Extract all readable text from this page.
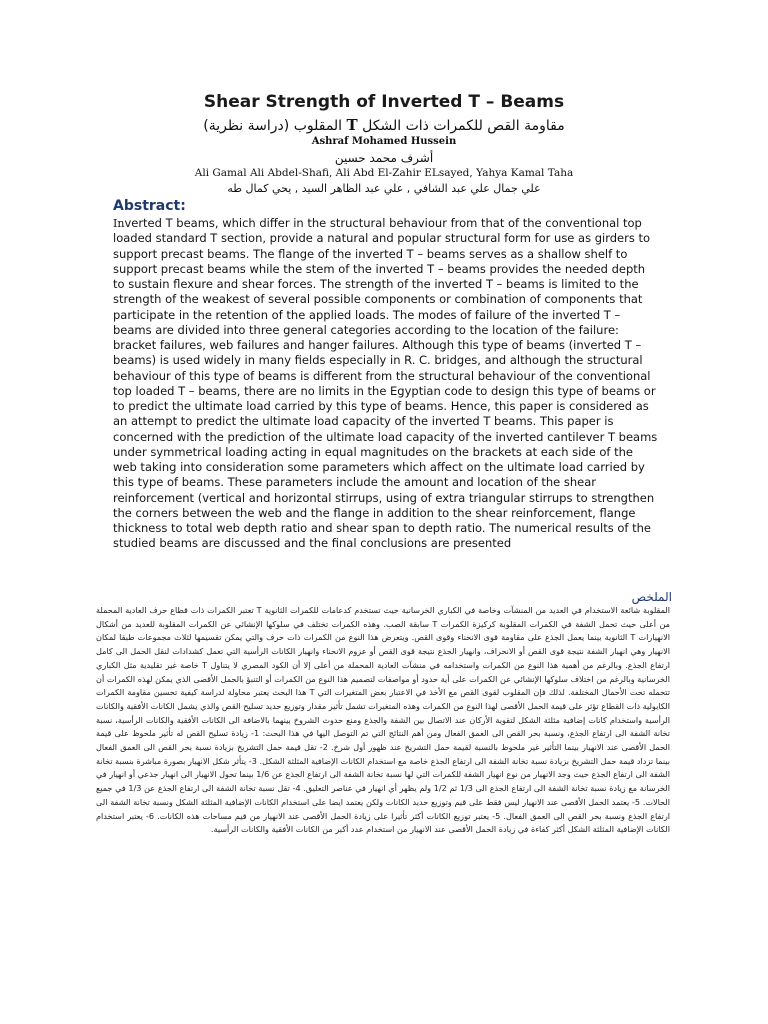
Shear Strength of Inverted T – Beams
مقاومة القص للكمرات ذات الشكل T المقلوب (دراسة نظرية)
Ashraf Mohamed Hussein
أشرف محمد حسين
Ali Gamal Ali Abdel-Shafi, Ali Abd El-Zahir ELsayed, Yahya Kamal Taha
علي جمال علي عبد الشافي , علي عبد الظاهر السيد , يحي كمال طه
Abstract:
Inverted T beams, which differ in the structural behaviour from that of the conventional top loaded standard T section, provide a natural and popular structural form for use as girders to support precast beams. The flange of the inverted T – beams serves as a shallow shelf to support precast beams while the stem of the inverted T – beams provides the needed depth to sustain flexure and shear forces. The strength of the inverted T – beams is limited to the strength of the weakest of several possible components or combination of components that participate in the retention of the applied loads. The modes of failure of the inverted T – beams are divided into three general categories according to the location of the failure: bracket failures, web failures and hanger failures. Although this type of beams (inverted T – beams) is used widely in many fields especially in R. C. bridges, and although the structural behaviour of this type of beams is different from the structural behaviour of the conventional top loaded T – beams, there are no limits in the Egyptian code to design this type of beams or to predict the ultimate load carried by this type of beams. Hence, this paper is considered as an attempt to predict the ultimate load capacity of the inverted T beams. This paper is concerned with the prediction of the ultimate load capacity of the inverted cantilever T beams under symmetrical loading acting in equal magnitudes on the brackets at each side of the web taking into consideration some parameters which affect on the ultimate load carried by this type of beams. These parameters include the amount and location of the shear reinforcement (vertical and horizontal stirrups, using of extra triangular stirrups to strengthen the corners between the web and the flange in addition to the shear reinforcement, flange thickness to total web depth ratio and shear span to depth ratio. The numerical results of the studied beams are discussed and the final conclusions are presented
الملخص
المقلوبة شائعة الاستخدام في العديد من المنشآت وخاصة في الكباري الخرسانية حيث تستخدم كدعامات للكمرات الثانوية T تعتبر الكمرات ذات قطاع حرف العادية المحملة من أعلى حيث تحمل الشفة في الكمرات المقلوبة كركيزة الكمرات T سابقة الصب. وهذه الكمرات تختلف في سلوكها الإنشائي عن الكمرات المقلوبة للعديد من أشكال الانهيارات T الثانوية بينما يعمل الجذع على مقاومة قوى الانحناء وقوى القص. ويتعرض هذا النوع من الكمرات ذات حرف والتي يمكن تقسيمها لثلاث مجموعات طبقا لمكان الانهيار وهي انهيار الشفة نتيجة قوى القص أو الانحراف، وانهيار الجذع نتيجة قوى القص أو عزوم الانحناء وانهيار الكانات الرأسية التي تعمل كشدادات لنقل الحمل الى كامل ارتفاع الجذع. وبالرغم من أهمية هذا النوع من الكمرات واستخدامه في منشآت العادية المحملة من أعلى إلا أن الكود المصري لا يتناول T خاصة غير تقليدية مثل الكباري الخرسانية وبالرغم من اختلاف سلوكها الإنشائي عن الكمرات على أية حدود أو مواصفات لتصميم هذا النوع من الكمرات أو التنبؤ بالحمل الأقصى الذي يمكن لهذه الكمرات أن تتحمله تحت الأحمال المختلفة. لذلك فإن المقلوب لقوى القص مع الأخذ في الاعتبار بعض المتغيرات التي T هذا البحث يعتبر محاولة لدراسة كيفية تحسين مقاومة الكمرات الكابولية ذات القطاع تؤثر على قيمة الحمل الأقصى لهذا النوع من الكمرات وهذه المتغيرات تشمل تأثير مقدار وتوزيع حديد تسليح القص والذي يشمل الكانات الأفقية والكانات الرأسية واستخدام كانات إضافية مثلثة الشكل لتقوية الأركان عند الاتصال بين الشفة والجذع ومنع حدوث الشروخ بينهما بالاضافة الى الكانات الأفقية والكانات الرأسية، نسبة تخانة الشفة الى ارتفاع الجذع، ونسبة بحر القص الى العمق الفعال ومن أهم النتائج التي تم التوصل اليها في هذا البحث: 1- زيادة تسليح القص له تأثير ملحوظ على قيمة الحمل الأقصى عند الانهيار بينما التأثير غير ملحوظ بالنسبة لقيمة حمل التشريخ عند ظهور أول شرخ. 2- تقل قيمة حمل التشريخ بزيادة نسبة بحر القص الى العمق الفعال بينما تزداد قيمة حمل التشريخ بزيادة نسبة تخانة الشفة الى ارتفاع الجذع خاصة مع استخدام الكانات الإضافية المثلثة الشكل. 3- يتأثر شكل الانهيار بصورة مباشرة بنسبة تخانة الشفة الى ارتفاع الجذع حيث وجد الانهيار من نوع انهيار الشفة للكمرات التي لها نسبة تخانة الشفة الى ارتفاع الجذع عن 1/6 بينما تحول الانهيار الى انهيار جذعي أو انهيار في الخرسانة مع زيادة نسبة تخانة الشفة الى ارتفاع الجذع الى 1/3 ثم 1/2 ولم يظهر أي انهيار في عناصر التعليق. 4- تقل نسبة تخانة الشفة الى ارتفاع الجذع عن 1/3 في جميع الحالات. 5- يعتمد الحمل الأقصى عند الانهيار ليس فقط على قيم وتوزيع حديد الكانات ولكن يعتمد ايضا على استخدام الكانات الإضافية المثلثة الشكل ونسبة تخانة الشفة الى ارتفاع الجذع ونسبة بحر القص الى العمق الفعال. 5- يعتبر توزيع الكانات أكثر تأثيرا على زيادة الحمل الأقصى عند الانهيار من قيم مساحات هذه الكانات. 6- يعتبر استخدام الكانات الإضافية المثلثة الشكل أكثر كفاءة في زيادة الحمل الأقصى عند الانهيار من استخدام عدد أكبر من الكانات الأفقية والكانات الرأسية.
